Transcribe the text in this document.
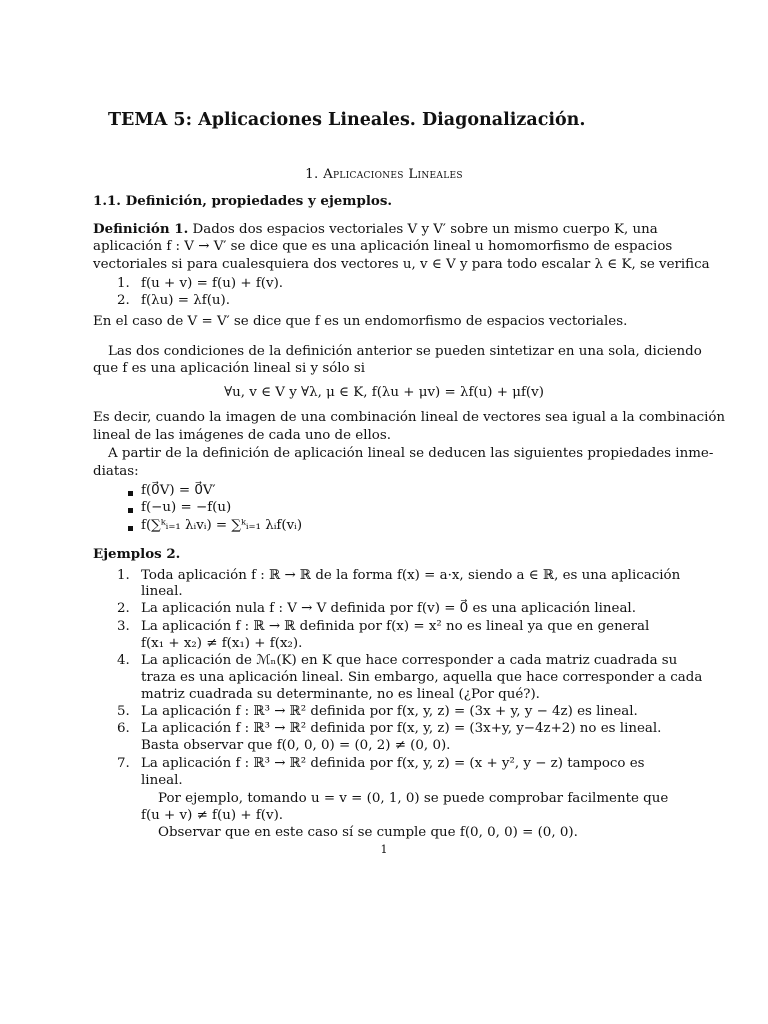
TEMA 5: Aplicaciones Lineales. Diagonalización.
1. Aplicaciones Lineales
1.1. Definición, propiedades y ejemplos.
Definición 1. Dados dos espacios vectoriales V y V′ sobre un mismo cuerpo K, una
aplicación f : V → V′ se dice que es una aplicación lineal u homomorfismo de espacios
vectoriales si para cualesquiera dos vectores u, v ∈ V y para todo escalar λ ∈ K, se verifica
1. f(u + v) = f(u) + f(v).
2. f(λu) = λf(u).
En el caso de V = V′ se dice que f es un endomorfismo de espacios vectoriales.
Las dos condiciones de la definición anterior se pueden sintetizar en una sola, diciendo
que f es una aplicación lineal si y sólo si
∀u, v ∈ V y ∀λ, μ ∈ K, f(λu + μv) = λf(u) + μf(v)
Es decir, cuando la imagen de una combinación lineal de vectores sea igual a la combinación
lineal de las imágenes de cada uno de ellos.
A partir de la definición de aplicación lineal se deducen las siguientes propiedades inme-
diatas:
f(0⃗V) = 0⃗V′
f(−u) = −f(u)
f(∑ᵏᵢ₌₁ λᵢvᵢ) = ∑ᵏᵢ₌₁ λᵢf(vᵢ)
Ejemplos 2.
1. Toda aplicación f : ℝ → ℝ de la forma f(x) = a·x, siendo a ∈ ℝ, es una aplicación
lineal.
2. La aplicación nula f : V → V definida por f(v) = 0⃗ es una aplicación lineal.
3. La aplicación f : ℝ → ℝ definida por f(x) = x² no es lineal ya que en general
f(x₁ + x₂) ≠ f(x₁) + f(x₂).
4. La aplicación de ℳₙ(K) en K que hace corresponder a cada matriz cuadrada su
traza es una aplicación lineal. Sin embargo, aquella que hace corresponder a cada
matriz cuadrada su determinante, no es lineal (¿Por qué?).
5. La aplicación f : ℝ³ → ℝ² definida por f(x, y, z) = (3x + y, y − 4z) es lineal.
6. La aplicación f : ℝ³ → ℝ² definida por f(x, y, z) = (3x+y, y−4z+2) no es lineal.
Basta observar que f(0, 0, 0) = (0, 2) ≠ (0, 0).
7. La aplicación f : ℝ³ → ℝ² definida por f(x, y, z) = (x + y², y − z) tampoco es
lineal.
Por ejemplo, tomando u = v = (0, 1, 0) se puede comprobar facilmente que
f(u + v) ≠ f(u) + f(v).
Observar que en este caso sí se cumple que f(0, 0, 0) = (0, 0).
1
